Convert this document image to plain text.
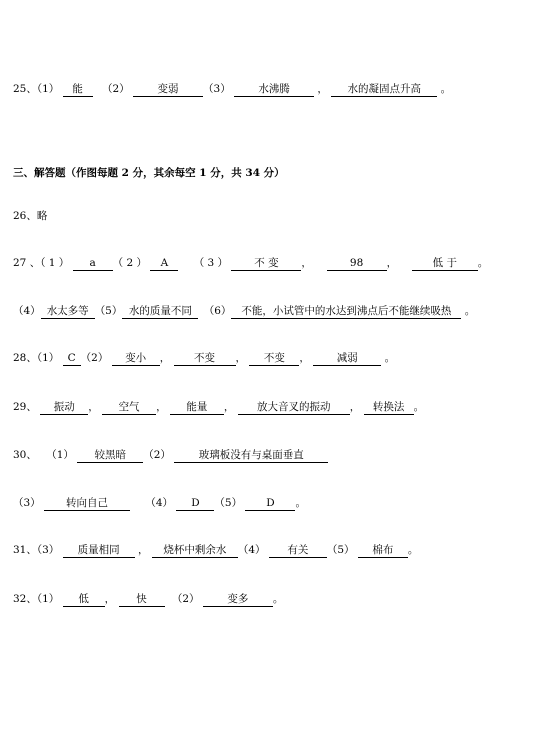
25、（1） 能 （2）	变弱 （3）	水沸腾	， 水的凝固点升高 。
三、解答题（作图每题 2 分，其余每空 1 分，共 34 分）
26、略
27 、（ 1 ） a （ 2 ） A （ 3 ） 不 变 ，	98 ，	低 于 。
（4） 水太多等 （5） 水的质量不同 （6） 不能，小试管中的水达到沸点后不能继续吸热 。
28、（1） C （2） 变小 ， 不变 ， 不变 ，	减弱	。
29、 振动 ， 空气 ， 能量 ， 放大音叉的振动 ， 转换法 。
30、 （1） 较黑暗 （2）	玻璃板没有与桌面垂直
（3） 转向自己	（4） D （5） D 。
31、（3） 质量相同 ， 烧杯中剩余水 （4） 有关 （5） 棉布 。
32、（1） 低 ， 快 （2）	变多 。
